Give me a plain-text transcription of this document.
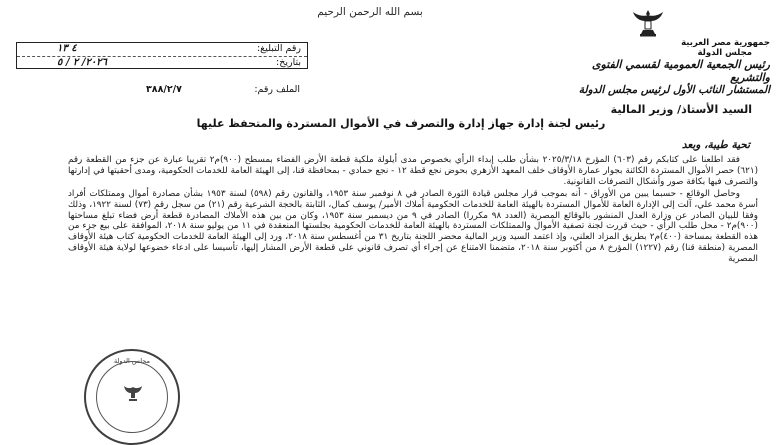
بسم الله الرحمن الرحيم
جمهورية مصر العربية
مجلس الدولة
رئيس الجمعية العمومية لقسمي الفتوى والتشريع
المستشار النائب الأول لرئيس مجلس الدولة
رقم التبليغ:
٤ ١٣
بتاريخ:
٢٠٢٦/ ٢ / ٥
الملف رقم:
٣٨٨/٢/٧
السيد الأستاذ/ وزير المالية
رئيس لجنة إدارة جهاز إدارة والتصرف في الأموال المستردة والمتحفظ عليها
تحية طيبة، وبعد

فقد اطلعنا على كتابكم رقم (٦٠٣) المؤرخ ٢٠٢٥/٣/١٨ بشأن طلب إبداء الرأي بخصوص مدى أيلولة ملكية قطعة الأرض الفضاء بمسطح (٩٠٠)م٢ تقريبا عبارة عن جزء من القطعة رقم (٦٢١) حصر الأموال المستردة الكائنة بجوار عمارة الأوقاف خلف المعهد الأزهري بحوض نجع قطة ١٢ - نجع حمادي - بمحافظة قنا، إلى الهيئة العامة للخدمات الحكومية، ومدى أحقيتها في إدارتها والتصرف فيها بكافة صور وأشكال التصرفات القانونية.

وحاصل الوقائع - حسبما يبين من الأوراق - أنه بموجب قرار مجلس قيادة الثورة الصادر في ٨ نوفمبر سنة ١٩٥٣، والقانون رقم (٥٩٨) لسنة ١٩٥٣ بشأن مصادرة أموال وممتلكات أفراد أسرة محمد علي، آلت إلى الإدارة العامة للأموال المستردة بالهيئة العامة للخدمات الحكومية أملاك الأمير/ يوسف كمال، الثابتة بالحجة الشرعية رقم (٢١) من سجل رقم (٧٣) لسنة ١٩٢٢، وذلك وفقا للبيان الصادر عن وزارة العدل المنشور بالوقائع المصرية (العدد ٩٨ مكررا) الصادر في ٩ من ديسمبر سنة ١٩٥٣، وكان من بين هذه الأملاك المصادرة قطعة أرض فضاء تبلغ مساحتها (٩٠٠)م٢ - محل طلب الرأي - حيث قررت لجنة تصفية الأموال والممتلكات المستردة بالهيئة العامة للخدمات الحكومية بجلستها المنعقدة في ١١ من يوليو سنة ٢٠١٨، الموافقة على بيع جزء من هذه القطعة بمساحة (٤٠٠)م٢ بطريق المزاد العلني، وإذ اعتمد السيد وزير المالية محضر اللجنة بتاريخ ٣١ من أغسطس سنة ٢٠١٨، ورد إلى الهيئة العامة للخدمات الحكومية كتاب هيئة الأوقاف المصرية (منطقة قنا) رقم (١٢٢٧) المؤرخ ٨ من أكتوبر سنة ٢٠١٨، متضمنا الامتناع عن إجراء أي تصرف قانوني على قطعة الأرض المشار إليها، تأسيسا على ادعاء خضوعها لولاية هيئة الأوقاف المصرية

مجلس الدولة
